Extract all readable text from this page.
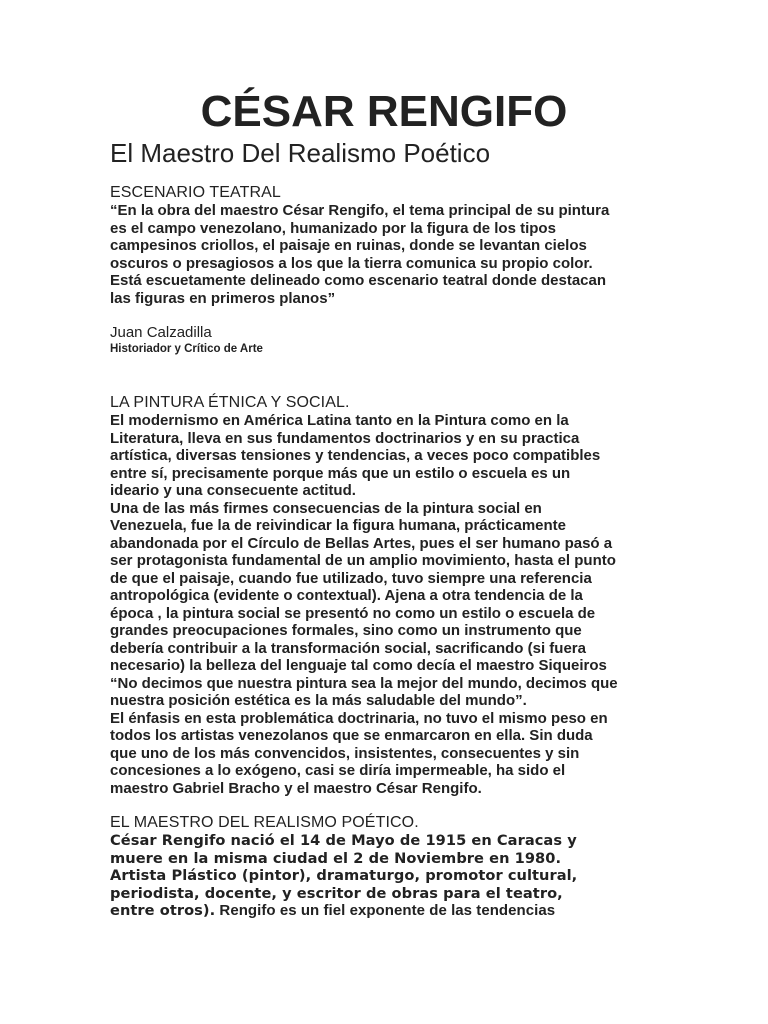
CÉSAR RENGIFO
El Maestro Del Realismo Poético
ESCENARIO TEATRAL

“En la obra del maestro César Rengifo, el tema principal de su pintura
es el campo venezolano, humanizado por la figura de los tipos
campesinos criollos, el paisaje en ruinas, donde se levantan cielos
oscuros o presagiosos a los que la tierra comunica su propio color.
Está escuetamente delineado como escenario teatral donde destacan
las figuras en primeros planos”

Juan Calzadilla

Historiador y Crítico de Arte

LA PINTURA ÉTNICA Y SOCIAL.

El modernismo en América Latina tanto en la Pintura como en la
Literatura, lleva en sus fundamentos doctrinarios y en su practica
artística, diversas tensiones y tendencias, a veces poco compatibles
entre sí, precisamente porque más que un estilo o escuela es un
ideario y una consecuente actitud.
Una de las más firmes consecuencias de la pintura social en
Venezuela, fue la de reivindicar la figura humana, prácticamente
abandonada por el Círculo de Bellas Artes, pues el ser humano pasó a
ser protagonista fundamental de un amplio movimiento, hasta el punto
de que el paisaje, cuando fue utilizado, tuvo siempre una referencia
antropológica (evidente o contextual). Ajena a otra tendencia de la
época , la pintura social se presentó no como un estilo o escuela de
grandes preocupaciones formales, sino como un instrumento que
debería contribuir a la transformación social, sacrificando (si fuera
necesario) la belleza del lenguaje tal como decía el maestro Siqueiros
“No decimos que nuestra pintura sea la mejor del mundo, decimos que
nuestra posición estética es la más saludable del mundo”.
El énfasis en esta problemática doctrinaria, no tuvo el mismo peso en
todos los artistas venezolanos que se enmarcaron en ella. Sin duda
que uno de los más convencidos, insistentes, consecuentes y sin
concesiones a lo exógeno, casi se diría impermeable, ha sido el
maestro Gabriel Bracho y el maestro César Rengifo.

EL MAESTRO DEL REALISMO POÉTICO.

César Rengifo nació el 14 de Mayo de 1915 en Caracas y
muere en la misma ciudad el 2 de Noviembre en 1980.
Artista Plástico (pintor), dramaturgo, promotor cultural,
periodista, docente, y escritor de obras para el teatro,
entre otros). Rengifo es un fiel exponente de las tendencias
